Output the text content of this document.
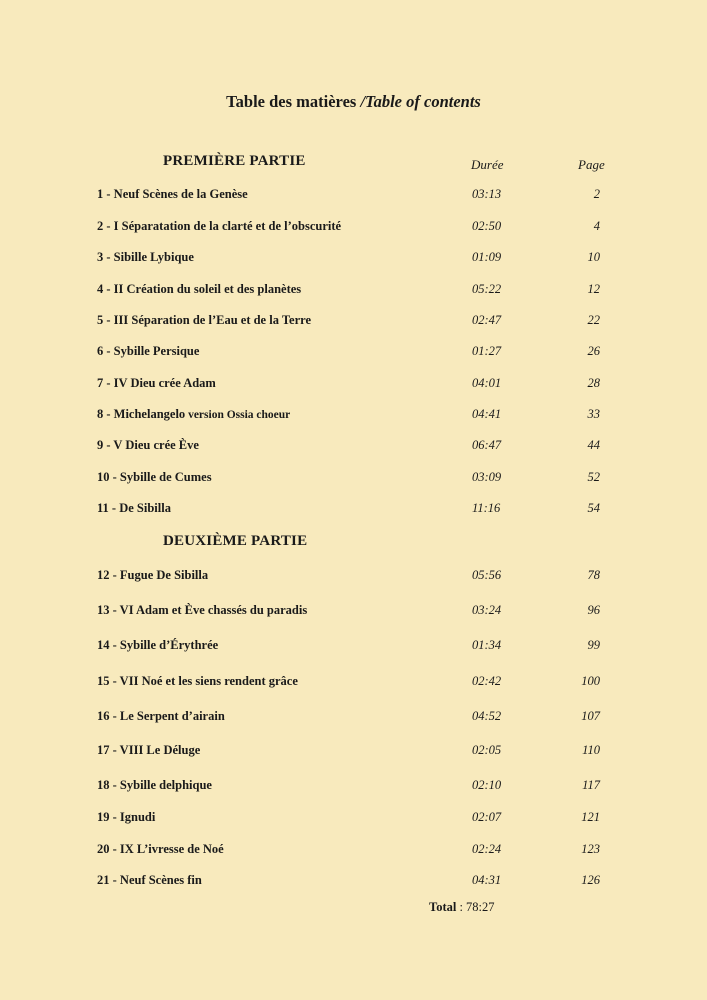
Table des matières /Table of contents
PREMIÈRE PARTIE	Durée	Page
1 - Neuf Scènes de la Genèse	03:13	2
2 - I Séparatation de la clarté et de l’obscurité	02:50	4
3 - Sibille Lybique	01:09	10
4 - II Création du soleil et des planètes	05:22	12
5 - III Séparation de l’Eau et de la Terre	02:47	22
6 - Sybille Persique	01:27	26
7 - IV Dieu crée Adam	04:01	28
8 - Michelangelo version Ossia choeur	04:41	33
9 - V Dieu crée Ève	06:47	44
10 - Sybille de Cumes	03:09	52
11 - De Sibilla	11:16	54
DEUXIÈME PARTIE
12 - Fugue De Sibilla	05:56	78
13 - VI Adam et Ève chassés du paradis	03:24	96
14 - Sybille d’Érythrée	01:34	99
15 - VII Noé et les siens rendent grâce	02:42	100
16 - Le Serpent d’airain	04:52	107
17 - VIII Le Déluge	02:05	110
18 - Sybille delphique	02:10	117
19 - Ignudi	02:07	121
20 - IX L’ivresse de Noé	02:24	123
21 - Neuf Scènes fin	04:31	126
Total : 78:27
